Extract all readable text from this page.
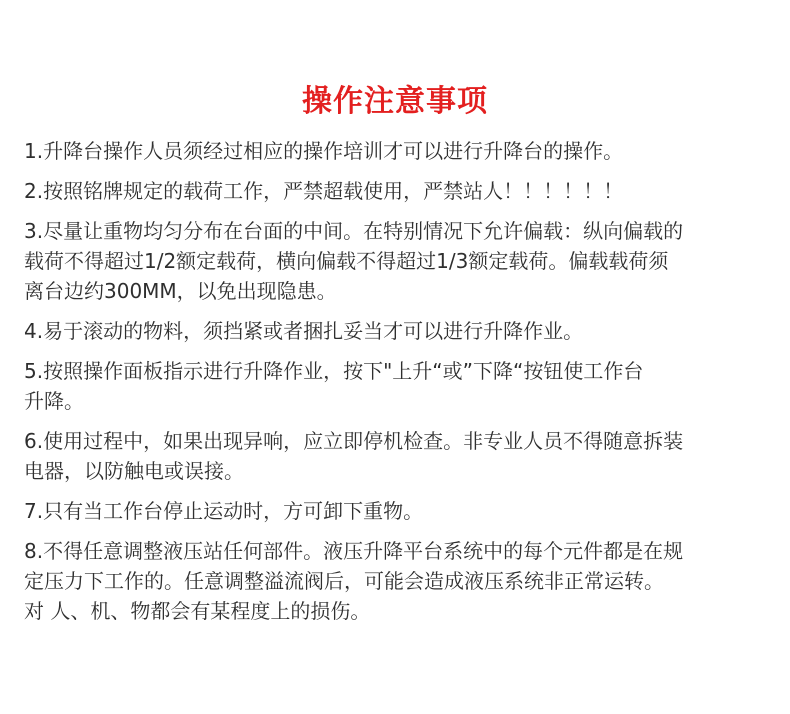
操作注意事项
1.升降台操作人员须经过相应的操作培训才可以进行升降台的操作。
2.按照铭牌规定的载荷工作，严禁超载使用，严禁站人！！！！！！
3.尽量让重物均匀分布在台面的中间。在特别情况下允许偏载：纵向偏载的
载荷不得超过1/2额定载荷，横向偏载不得超过1/3额定载荷。偏载载荷须
离台边约300MM，以免出现隐患。
4.易于滚动的物料，须挡紧或者捆扎妥当才可以进行升降作业。
5.按照操作面板指示进行升降作业，按下"上升“或”下降“按钮使工作台
升降。
6.使用过程中，如果出现异响，应立即停机检查。非专业人员不得随意拆装
电器，以防触电或误接。
7.只有当工作台停止运动时，方可卸下重物。
8.不得任意调整液压站任何部件。液压升降平台系统中的每个元件都是在规
定压力下工作的。任意调整溢流阀后，可能会造成液压系统非正常运转。
对 人、机、物都会有某程度上的损伤。
